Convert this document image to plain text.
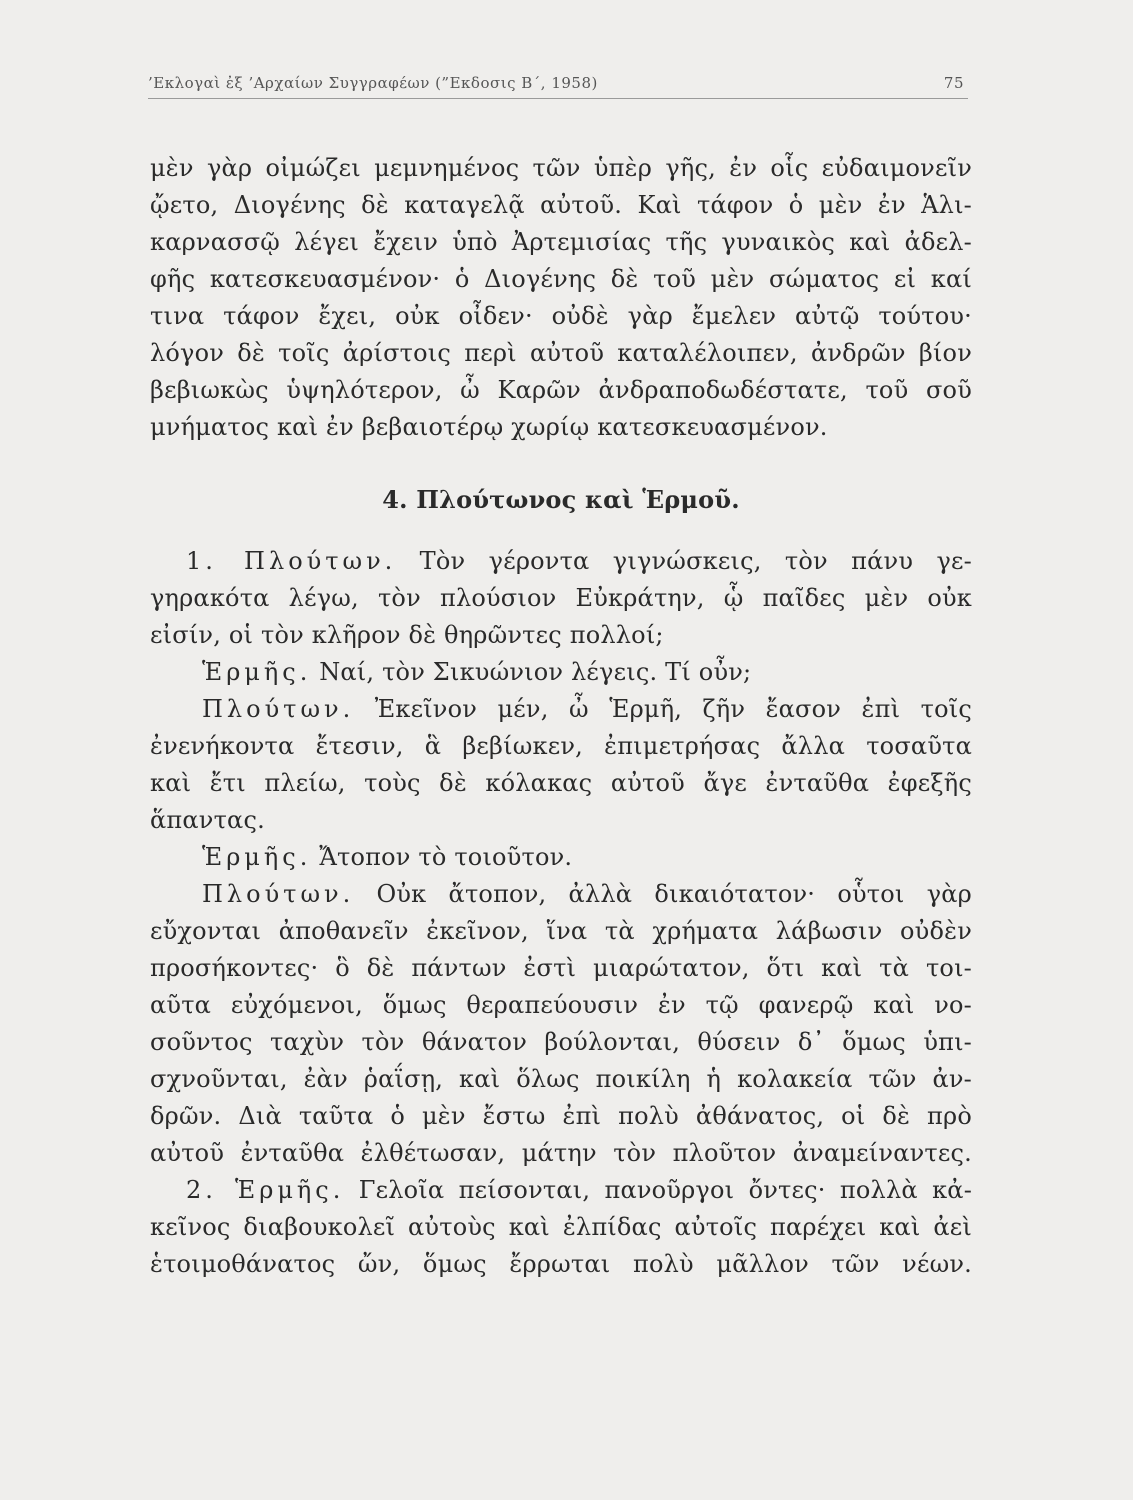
’Εκλογαὶ ἐξ ’Αρχαίων Συγγραφέων (”Εκδοσις Β΄, 1958)	75
μὲν γὰρ οἰμώζει μεμνημένος τῶν ὑπὲρ γῆς, ἐν οἷς εὐδαιμονεῖν
ᾤετο, Διογένης δὲ καταγελᾷ αὐτοῦ. Καὶ τάφον ὁ μὲν ἐν Ἁλι-
καρνασσῷ λέγει ἔχειν ὑπὸ Ἀρτεμισίας τῆς γυναικὸς καὶ ἀδελ-
φῆς κατεσκευασμένον· ὁ Διογένης δὲ τοῦ μὲν σώματος εἰ καί
τινα τάφον ἔχει, οὐκ οἶδεν· οὐδὲ γὰρ ἔμελεν αὐτῷ τούτου·
λόγον δὲ τοῖς ἀρίστοις περὶ αὐτοῦ καταλέλοιπεν, ἀνδρῶν βίον
βεβιωκὼς ὑψηλότερον, ὦ Καρῶν ἀνδραποδωδέστατε, τοῦ σοῦ
μνήματος καὶ ἐν βεβαιοτέρῳ χωρίῳ κατεσκευασμένον.
4. Πλούτωνος καὶ Ἑρμοῦ.
1. Πλούτων. Τὸν γέροντα γιγνώσκεις, τὸν πάνυ γε-
γηρακότα λέγω, τὸν πλούσιον Εὐκράτην, ᾧ παῖδες μὲν οὐκ
εἰσίν, οἱ τὸν κλῆρον δὲ θηρῶντες πολλοί;
Ἑρμῆς. Ναί, τὸν Σικυώνιον λέγεις. Τί οὖν;
Πλούτων. Ἐκεῖνον μέν, ὦ Ἑρμῆ, ζῆν ἔασον ἐπὶ τοῖς
ἐνενήκοντα ἔτεσιν, ἃ βεβίωκεν, ἐπιμετρήσας ἄλλα τοσαῦτα
καὶ ἔτι πλείω, τοὺς δὲ κόλακας αὐτοῦ ἄγε ἐνταῦθα ἐφεξῆς
ἅπαντας.
Ἑρμῆς. Ἄτοπον τὸ τοιοῦτον.
Πλούτων. Οὐκ ἄτοπον, ἀλλὰ δικαιότατον· οὗτοι γὰρ
εὔχονται ἀποθανεῖν ἐκεῖνον, ἵνα τὰ χρήματα λάβωσιν οὐδὲν
προσήκοντες· ὃ δὲ πάντων ἐστὶ μιαρώτατον, ὅτι καὶ τὰ τοι-
αῦτα εὐχόμενοι, ὅμως θεραπεύουσιν ἐν τῷ φανερῷ καὶ νο-
σοῦντος ταχὺν τὸν θάνατον βούλονται, θύσειν δ᾽ ὅμως ὑπι-
σχνοῦνται, ἐὰν ῥαΐσῃ, καὶ ὅλως ποικίλη ἡ κολακεία τῶν ἀν-
δρῶν. Διὰ ταῦτα ὁ μὲν ἔστω ἐπὶ πολὺ ἀθάνατος, οἱ δὲ πρὸ
αὐτοῦ ἐνταῦθα ἐλθέτωσαν, μάτην τὸν πλοῦτον ἀναμείναντες.
2. Ἑρμῆς. Γελοῖα πείσονται, πανοῦργοι ὄντες· πολλὰ κἀ-
κεῖνος διαβουκολεῖ αὐτοὺς καὶ ἐλπίδας αὐτοῖς παρέχει καὶ ἀεὶ
ἑτοιμοθάνατος ὤν, ὅμως ἔρρωται πολὺ μᾶλλον τῶν νέων.
